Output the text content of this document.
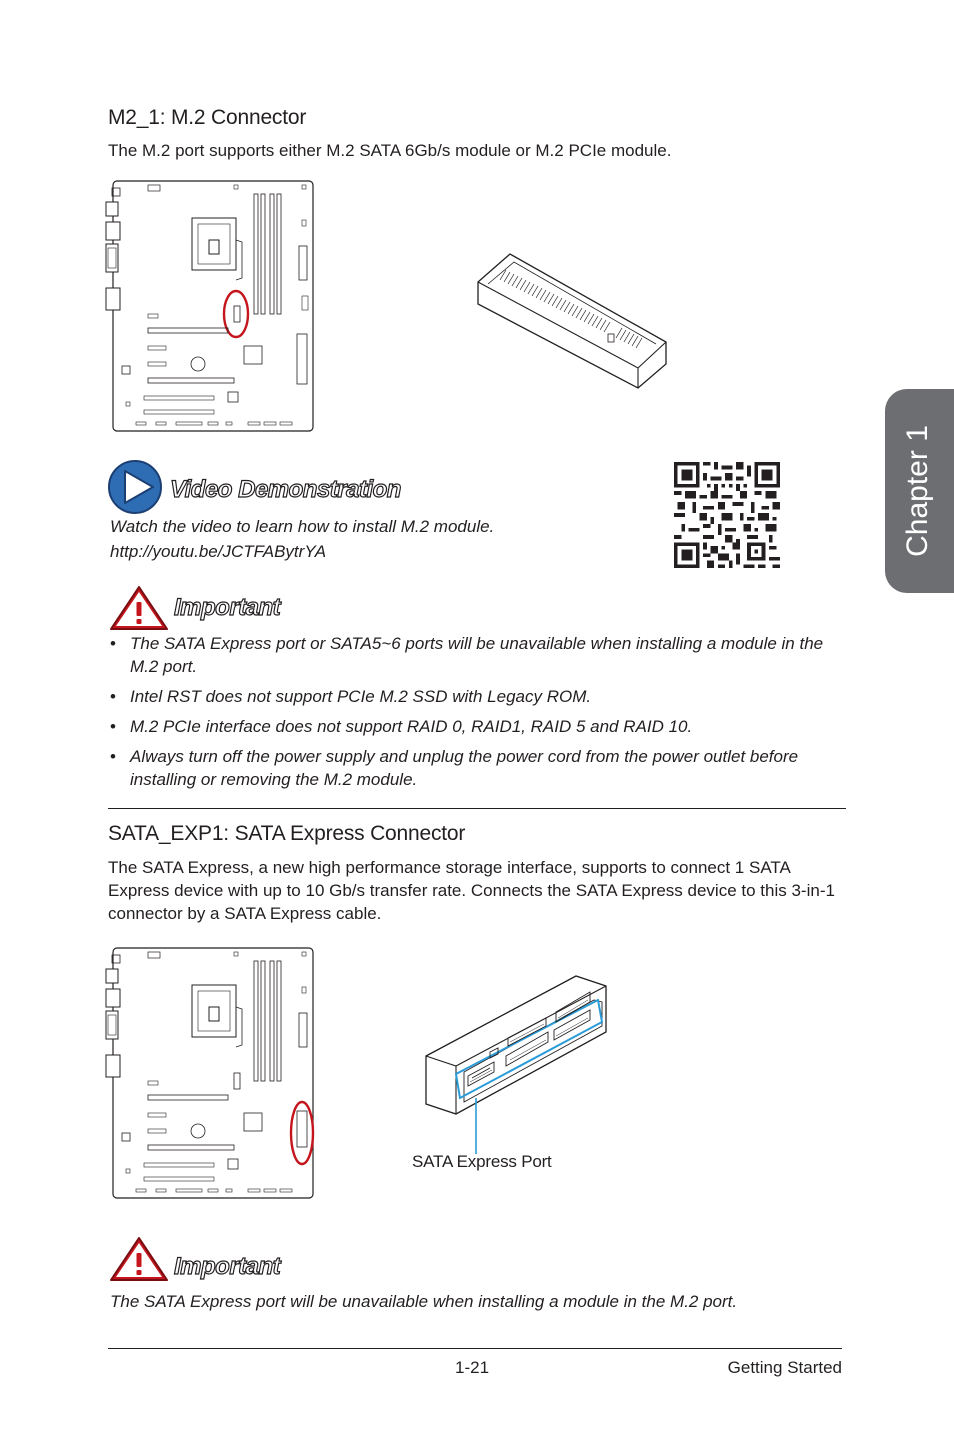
M2_1: M.2 Connector
The M.2 port supports either M.2 SATA 6Gb/s module or M.2 PCIe module.
Video Demonstration
Watch the video to learn how to install M.2 module.
http://youtu.be/JCTFABytrYA
Important
• The SATA Express port or SATA5~6 ports will be unavailable when installing a module in the M.2 port.
• Intel RST does not support PCIe M.2 SSD with Legacy ROM.
• M.2 PCIe interface does not support RAID 0, RAID1, RAID 5 and RAID 10.
• Always turn off the power supply and unplug the power cord from the power outlet before installing or removing the M.2 module.
SATA_EXP1: SATA Express Connector
The SATA Express, a new high performance storage interface, supports to connect 1 SATA Express device with up to 10 Gb/s transfer rate. Connects the SATA Express device to this 3-in-1 connector by a SATA Express cable.
SATA Express Port
Important
The SATA Express port will be unavailable when installing a module in the M.2 port.
1-21	Getting Started
Chapter 1
